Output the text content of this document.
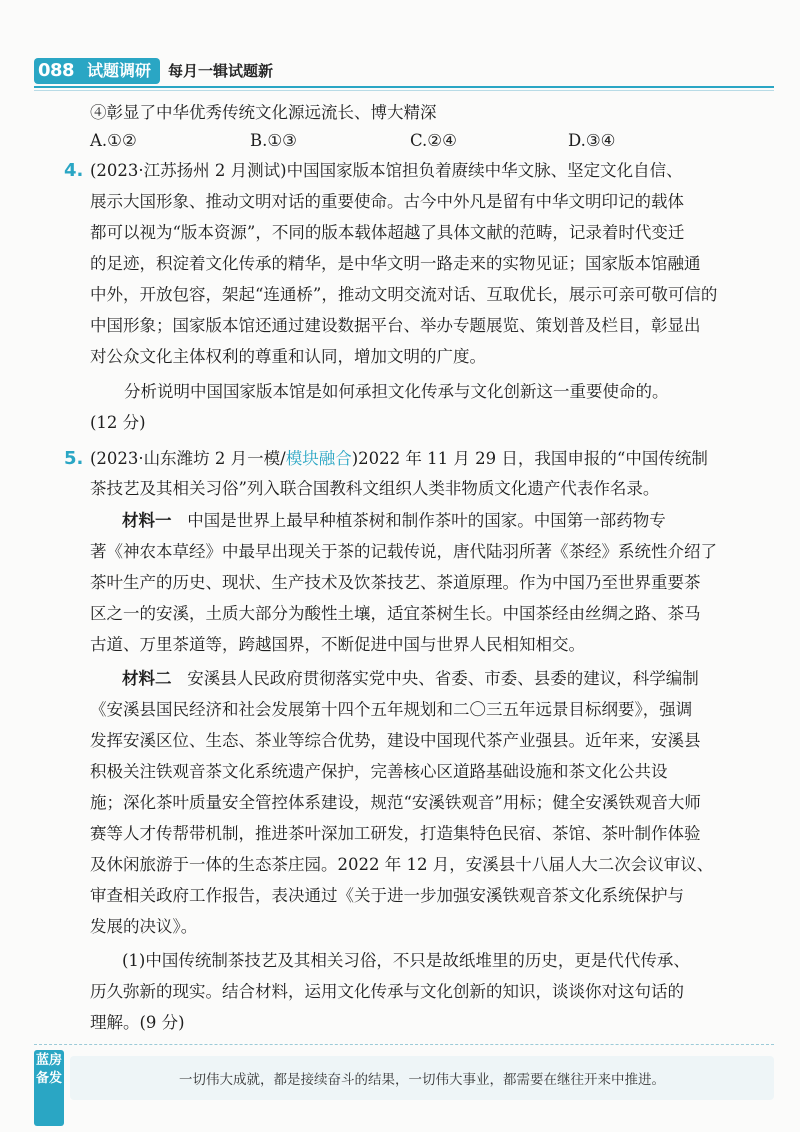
088 试题调研	每月一辑试题新
④彰显了中华优秀传统文化源远流长、博大精深
A.①②	B.①③	C.②④	D.③④
4. (2023·江苏扬州 2 月测试)中国国家版本馆担负着赓续中华文脉、坚定文化自信、
展示大国形象、推动文明对话的重要使命。古今中外凡是留有中华文明印记的载体
都可以视为“版本资源”，不同的版本载体超越了具体文献的范畴，记录着时代变迁
的足迹，积淀着文化传承的精华，是中华文明一路走来的实物见证；国家版本馆融通
中外，开放包容，架起“连通桥”，推动文明交流对话、互取优长，展示可亲可敬可信的
中国形象；国家版本馆还通过建设数据平台、举办专题展览、策划普及栏目，彰显出
对公众文化主体权利的尊重和认同，增加文明的广度。
分析说明中国国家版本馆是如何承担文化传承与文化创新这一重要使命的。
(12 分)
5. (2023·山东潍坊 2 月一模/模块融合)2022 年 11 月 29 日，我国申报的“中国传统制
茶技艺及其相关习俗”列入联合国教科文组织人类非物质文化遗产代表作名录。
材料一 中国是世界上最早种植茶树和制作茶叶的国家。中国第一部药物专
著《神农本草经》中最早出现关于茶的记载传说，唐代陆羽所著《茶经》系统性介绍了
茶叶生产的历史、现状、生产技术及饮茶技艺、茶道原理。作为中国乃至世界重要茶
区之一的安溪，土质大部分为酸性土壤，适宜茶树生长。中国茶经由丝绸之路、茶马
古道、万里茶道等，跨越国界，不断促进中国与世界人民相知相交。
材料二 安溪县人民政府贯彻落实党中央、省委、市委、县委的建议，科学编制
《安溪县国民经济和社会发展第十四个五年规划和二〇三五年远景目标纲要》，强调
发挥安溪区位、生态、茶业等综合优势，建设中国现代茶产业强县。近年来，安溪县
积极关注铁观音茶文化系统遗产保护，完善核心区道路基础设施和茶文化公共设
施；深化茶叶质量安全管控体系建设，规范“安溪铁观音”用标；健全安溪铁观音大师
赛等人才传帮带机制，推进茶叶深加工研发，打造集特色民宿、茶馆、茶叶制作体验
及休闲旅游于一体的生态茶庄园。2022 年 12 月，安溪县十八届人大二次会议审议、
审查相关政府工作报告，表决通过《关于进一步加强安溪铁观音茶文化系统保护与
发展的决议》。
(1)中国传统制茶技艺及其相关习俗，不只是故纸堆里的历史，更是代代传承、
历久弥新的现实。结合材料，运用文化传承与文化创新的知识，谈谈你对这句话的
理解。(9 分)
蓝房备发	一切伟大成就，都是接续奋斗的结果，一切伟大事业，都需要在继往开来中推进。
